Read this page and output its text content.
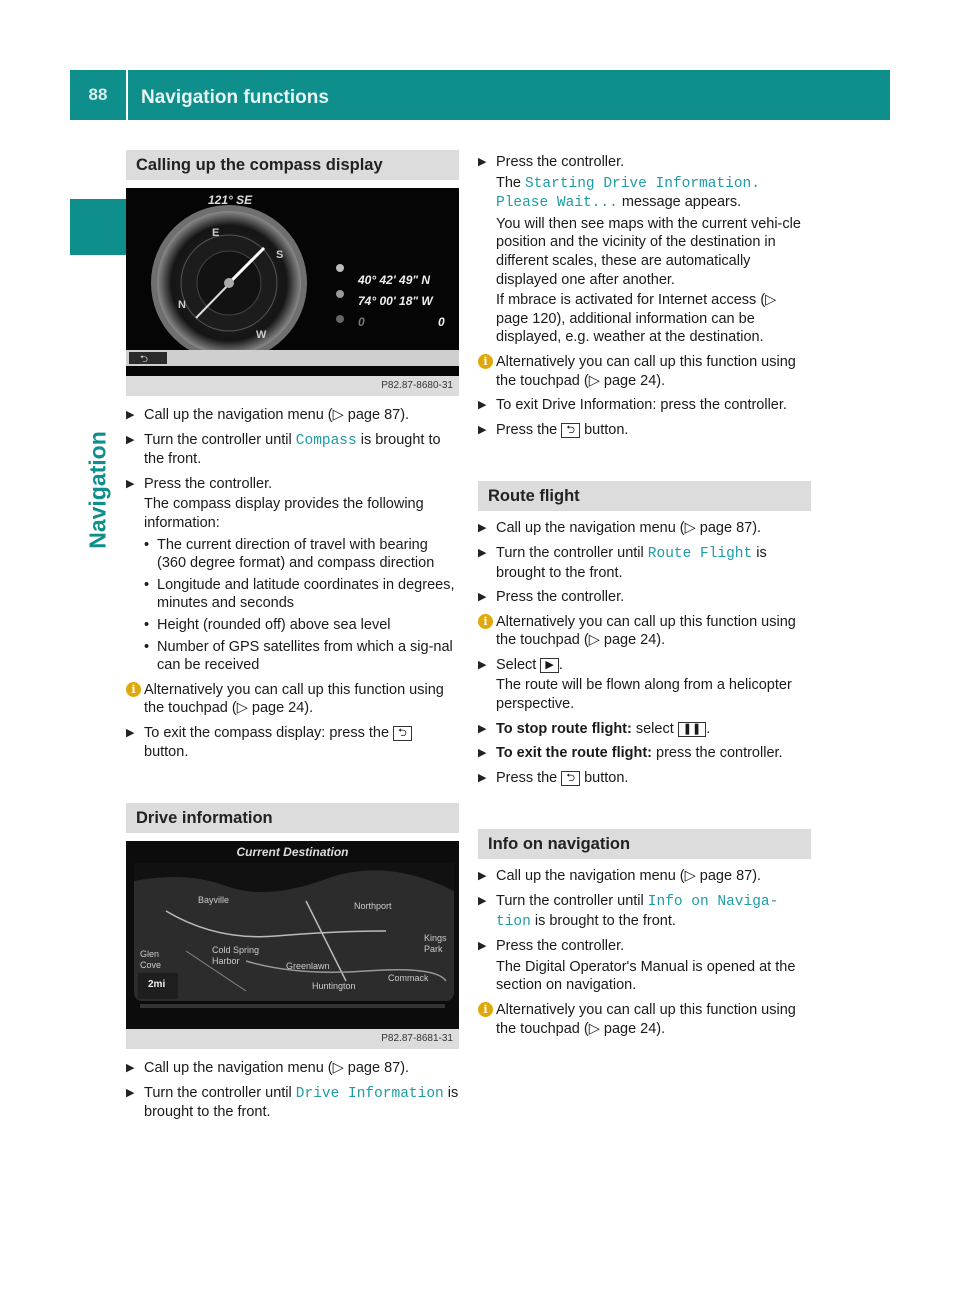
88	Navigation functions
Navigation
Calling up the compass display
E
S
N
W
⮌
121° SE
40° 42' 49" N
74° 00' 18" W
0	0
P82.87-8680-31
▶ Call up the navigation menu (▷ page 87).
▶ Turn the controller until Compass is brought to the front.
▶ Press the controller.
The compass display provides the following information:
• The current direction of travel with bearing (360 degree format) and compass direction
• Longitude and latitude coordinates in degrees, minutes and seconds
• Height (rounded off) above sea level
• Number of GPS satellites from which a sig-nal can be received
i Alternatively you can call up this function using the touchpad (▷ page 24).
▶ To exit the compass display: press the ⮌ button.
Drive information
Current Destination
2mi
Bayville
Northport
Glen Cove
Cold Spring Harbor	Greenlawn
Huntington
Commack
Kings Park
P82.87-8681-31
▶ Call up the navigation menu (▷ page 87).
▶ Turn the controller until Drive Information is brought to the front.
▶ Press the controller.
The Starting Drive Information. Please Wait... message appears.
You will then see maps with the current vehi-cle position and the vicinity of the destination in different scales, these are automatically displayed one after another.
If mbrace is activated for Internet access (▷ page 120), additional information can be displayed, e.g. weather at the destination.
i Alternatively you can call up this function using the touchpad (▷ page 24).
▶ To exit Drive Information: press the controller.
▶ Press the ⮌ button.
Route flight
▶ Call up the navigation menu (▷ page 87).
▶ Turn the controller until Route Flight is brought to the front.
▶ Press the controller.
i Alternatively you can call up this function using the touchpad (▷ page 24).
▶ Select ▶ .
The route will be flown along from a helicopter perspective.
▶ To stop route flight: select ❚❚ .
▶ To exit the route flight: press the controller.
▶ Press the ⮌ button.
Info on navigation
▶ Call up the navigation menu (▷ page 87).
▶ Turn the controller until Info on Naviga-tion is brought to the front.
▶ Press the controller.
The Digital Operator's Manual is opened at the section on navigation.
i Alternatively you can call up this function using the touchpad (▷ page 24).
